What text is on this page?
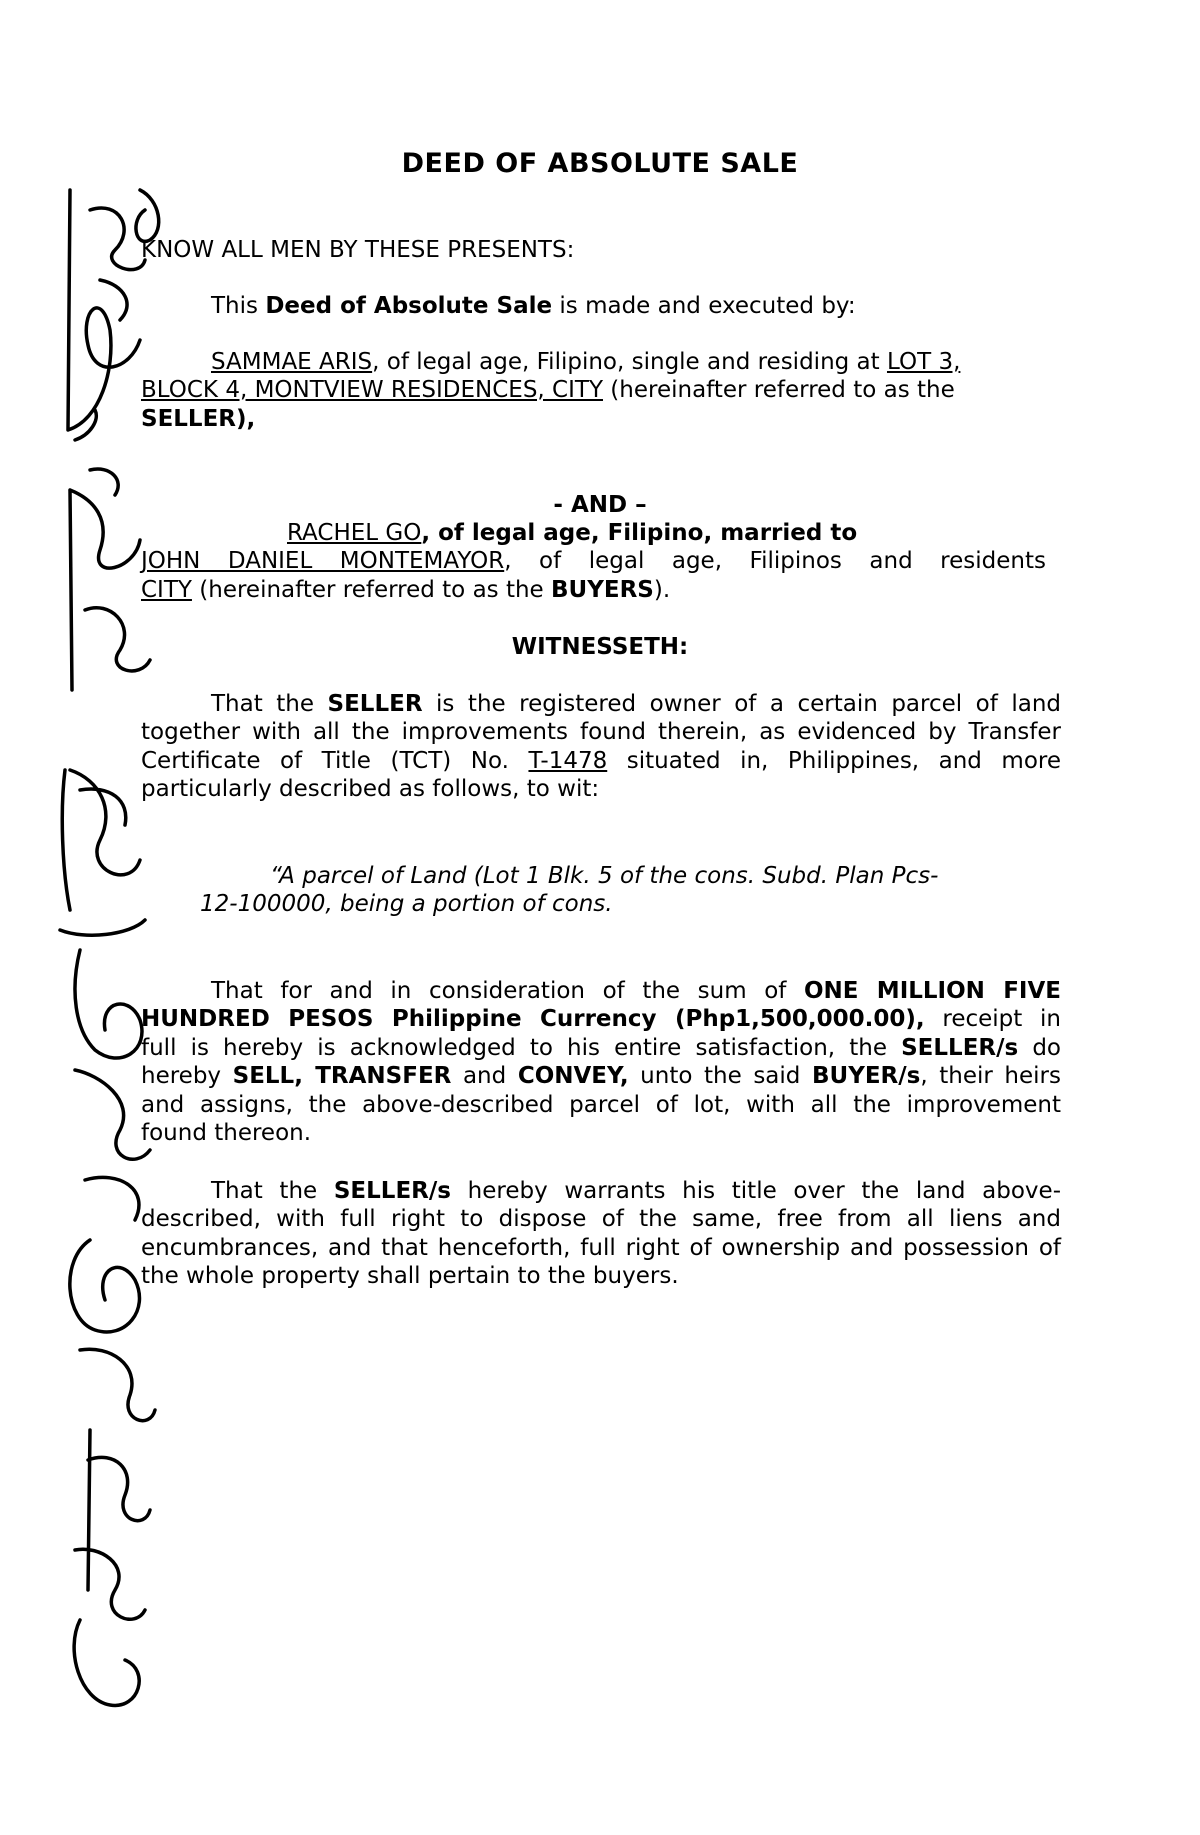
DEED OF ABSOLUTE SALE
KNOW ALL MEN BY THESE PRESENTS:
This Deed of Absolute Sale is made and executed by:
SAMMAE ARIS, of legal age, Filipino, single and residing at LOT 3,
BLOCK 4, MONTVIEW RESIDENCES, CITY (hereinafter referred to as the
SELLER),
- AND –
RACHEL GO, of legal age, Filipino, married to
JOHN DANIEL MONTEMAYOR, of legal age, Filipinos and residents
CITY (hereinafter referred to as the BUYERS).
WITNESSETH:
That the SELLER is the registered owner of a certain parcel of land
together with all the improvements found therein, as evidenced by Transfer
Certificate of Title (TCT) No. T-1478 situated in, Philippines, and more
particularly described as follows, to wit:
“A parcel of Land (Lot 1 Blk. 5 of the cons. Subd. Plan Pcs-
12-100000, being a portion of cons.
That for and in consideration of the sum of ONE MILLION FIVE
HUNDRED PESOS Philippine Currency (Php1,500,000.00), receipt in
full is hereby is acknowledged to his entire satisfaction, the SELLER/s do
hereby SELL, TRANSFER and CONVEY, unto the said BUYER/s, their heirs
and assigns, the above-described parcel of lot, with all the improvement
found thereon.
That the SELLER/s hereby warrants his title over the land above-
described, with full right to dispose of the same, free from all liens and
encumbrances, and that henceforth, full right of ownership and possession of
the whole property shall pertain to the buyers.
